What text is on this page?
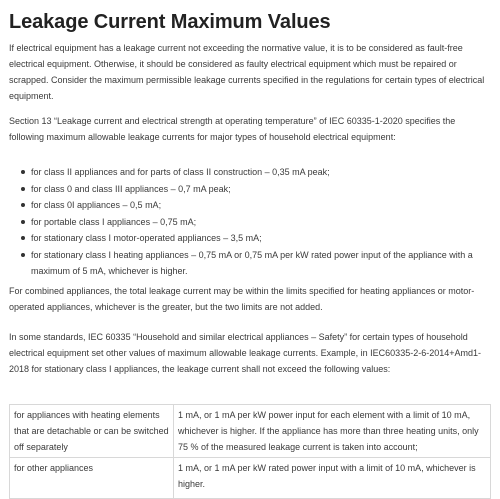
Leakage Current Maximum Values

If electrical equipment has a leakage current not exceeding the normative value, it is to be considered as fault-free electrical equipment. Otherwise, it should be considered as faulty electrical equipment which must be repaired or scrapped. Consider the maximum permissible leakage currents specified in the regulations for certain types of electrical equipment.

Section 13 “Leakage current and electrical strength at operating temperature” of IEC 60335-1-2020 specifies the following maximum allowable leakage currents for major types of household electrical equipment:

for class II appliances and for parts of class II construction – 0,35 mA peak;
for class 0 and class III appliances – 0,7 mA peak;
for class 0I appliances – 0,5 mA;
for portable class I appliances – 0,75 mA;
for stationary class I motor-operated appliances – 3,5 mA;
for stationary class I heating appliances – 0,75 mA or 0,75 mA per kW rated power input of the appliance with a maximum of 5 mA, whichever is higher.

For combined appliances, the total leakage current may be within the limits specified for heating appliances or motor-operated appliances, whichever is the greater, but the two limits are not added.

In some standards, IEC 60335 “Household and similar electrical appliances – Safety” for certain types of household electrical equipment set other values of maximum allowable leakage currents. Example, in IEC60335-2-6-2014+Amd1-2018 for stationary class I appliances, the leakage current shall not exceed the following values:

for appliances with heating elements that are detachable or can be switched off separately	1 mA, or 1 mA per kW power input for each element with a limit of 10 mA, whichever is higher. If the appliance has more than three heating units, only 75 % of the measured leakage current is taken into account;
for other appliances	1 mA, or 1 mA per kW rated power input with a limit of 10 mA, whichever is higher.
